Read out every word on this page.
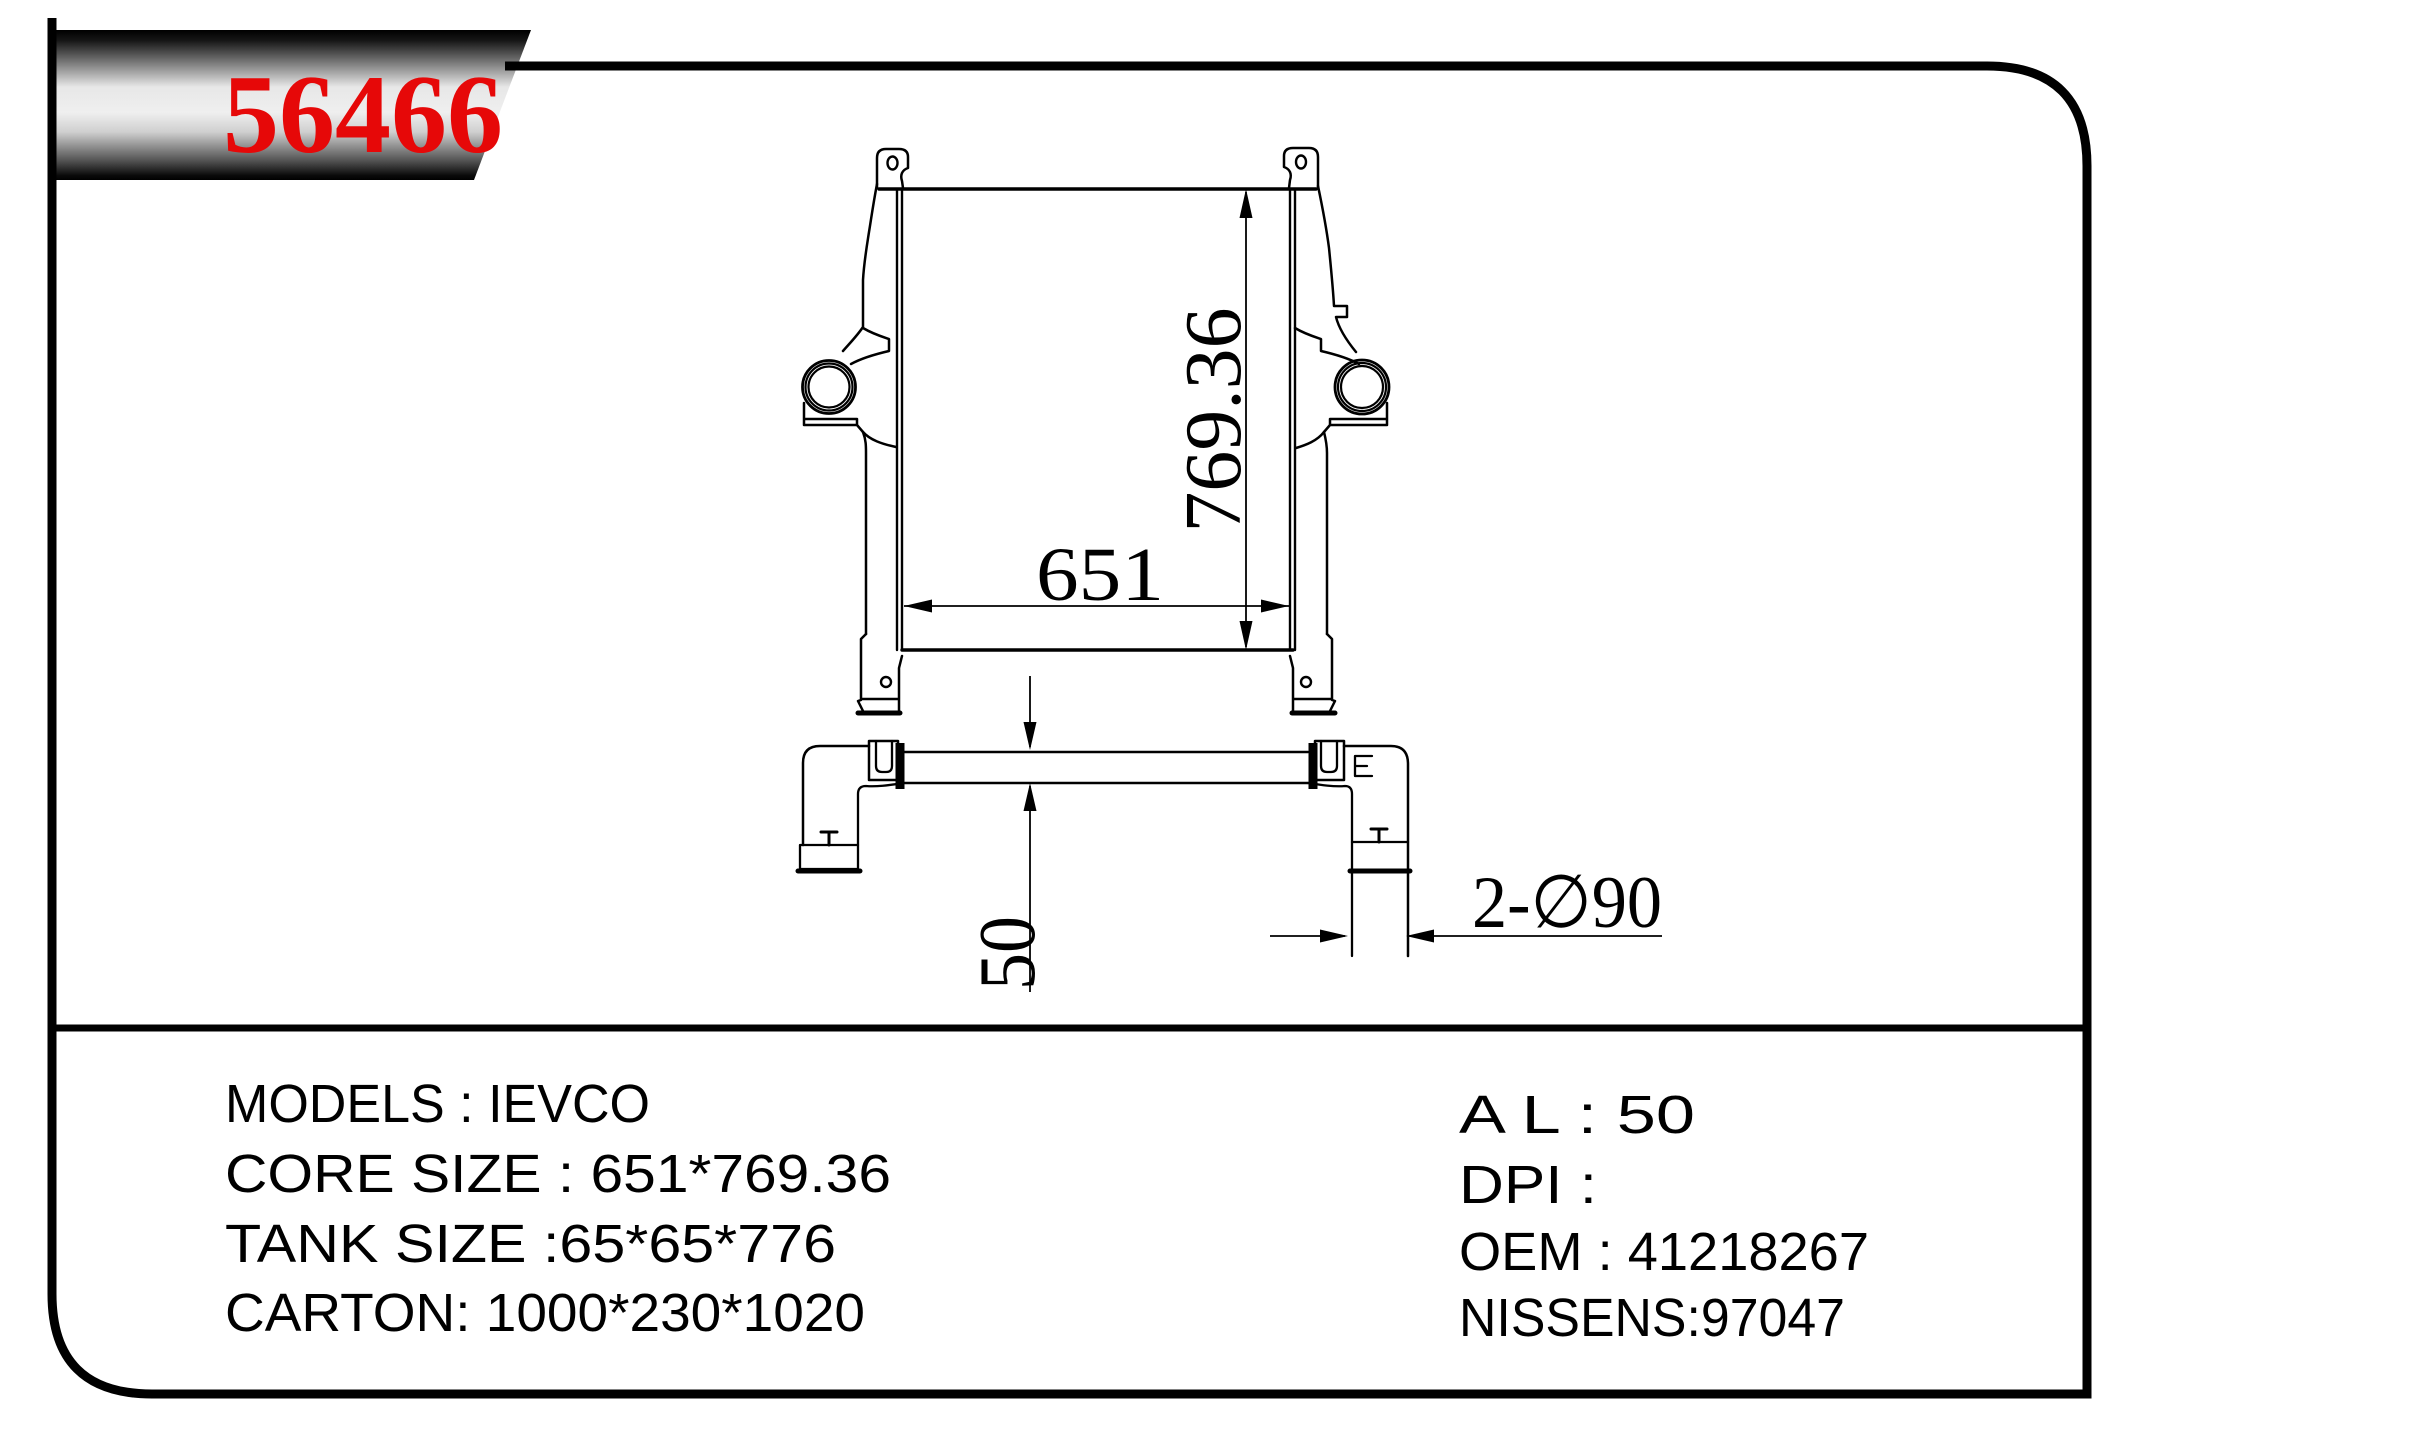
56466
769.36
651
50
2-∅90
MODELS : IEVCO
CORE SIZE : 651*769.36
TANK SIZE :65*65*776
CARTON: 1000*230*1020
A L : 50
DPI :
OEM : 41218267
NISSENS:97047
